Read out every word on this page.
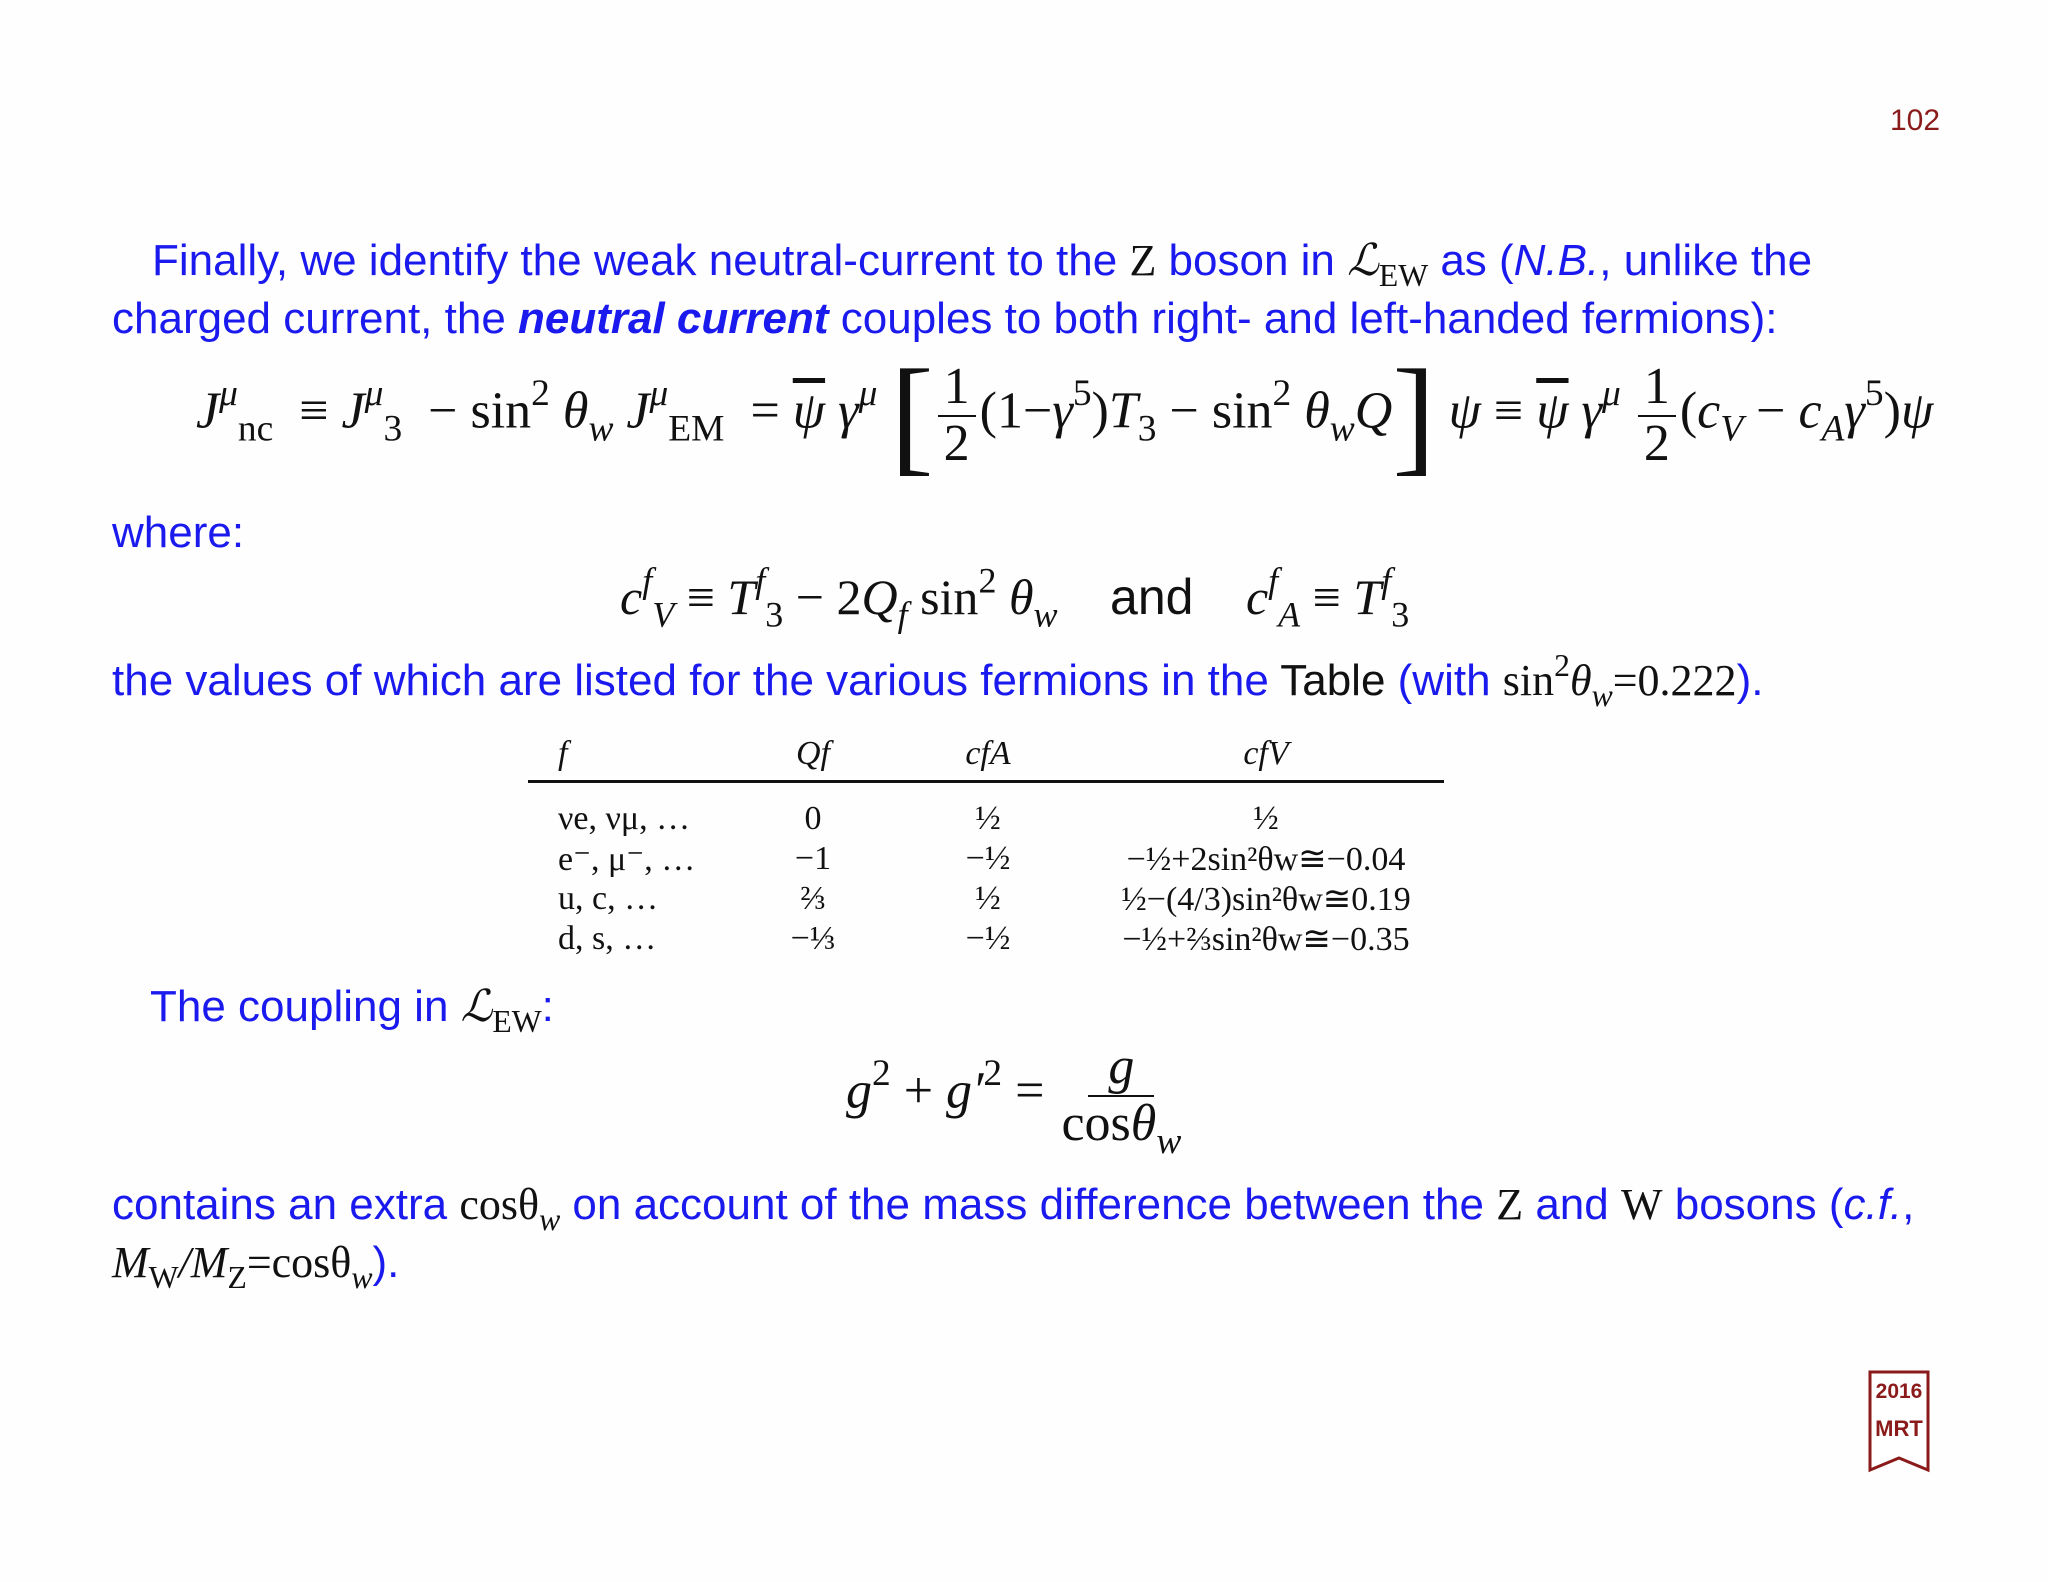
102
Finally, we identify the weak neutral-current to the Z boson in ℒ$_{EW}$ as (N.B., unlike the charged current, the neutral current couples to both right- and left-handed fermions):
$J^\mu_{nc} \equiv J^\mu_3 - \sin^2 \theta_w$ $J^\mu_{EM} = \overline{\psi}$ $\gamma^\mu$ [ $\frac{1}{2} (1-\gamma^5)T_3 - \sin^2 \theta_wQ$] $\psi \equiv \overline{\psi}$ $\gamma^\mu \frac{1}{2} (c_V - c_A\gamma^5)\psi$
where:
$c^f_V \equiv T^f_3 - 2Q_f$ $\sin^2 \theta_w$ and $c^f_A \equiv T^f_3$
the values of which are listed for the various fermions in the Table (with $\sin^2\theta_w=0.222$).
f	Qf	cfA	cfV
νe, νμ, …	0	½	½
e⁻, μ⁻, …	−1	−½	−½+2sin²θw≅−0.04
u, c, …	⅔	½	½−(4/3)sin²θw≅0.19
d, s, …	−⅓	−½	−½+⅔sin²θw≅−0.35
The coupling in ℒ$_{EW}$:
$g^2 + g'^2 = \frac{g}{\cos\theta_w}$
contains an extra cosθ$_w$ on account of the mass difference between the Z and W bosons (c.f., $M_W/M_Z=\cos\theta_w$).
2016
MRT
